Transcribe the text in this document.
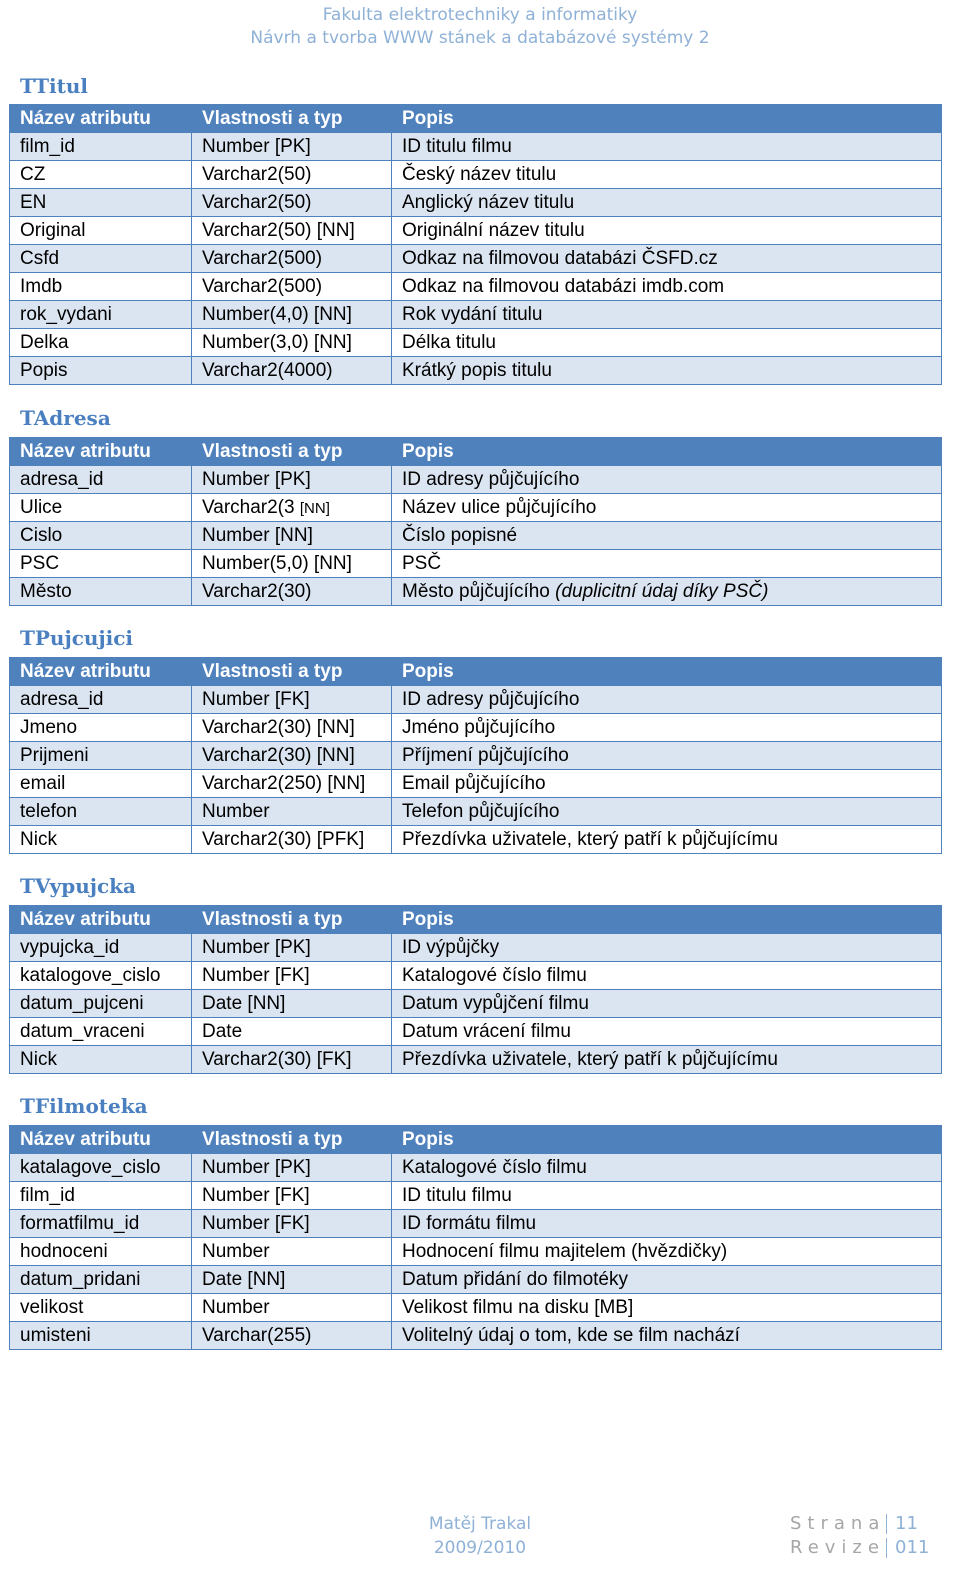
Fakulta elektrotechniky a informatiky
Návrh a tvorba WWW stánek a databázové systémy 2
TTitul
Název atributu	Vlastnosti a typ	Popis
film_id	Number [PK]	ID titulu filmu
CZ	Varchar2(50)	Český název titulu
EN	Varchar2(50)	Anglický název titulu
Original	Varchar2(50) [NN]	Originální název titulu
Csfd	Varchar2(500)	Odkaz na filmovou databázi ČSFD.cz
Imdb	Varchar2(500)	Odkaz na filmovou databázi imdb.com
rok_vydani	Number(4,0) [NN]	Rok vydání titulu
Delka	Number(3,0) [NN]	Délka titulu
Popis	Varchar2(4000)	Krátký popis titulu
TAdresa
Název atributu	Vlastnosti a typ	Popis
adresa_id	Number [PK]	ID adresy půjčujícího
Ulice	Varchar2(3 [NN]	Název ulice půjčujícího
Cislo	Number [NN]	Číslo popisné
PSC	Number(5,0) [NN]	PSČ
Město	Varchar2(30)	Město půjčujícího (duplicitní údaj díky PSČ)
TPujcujici
Název atributu	Vlastnosti a typ	Popis
adresa_id	Number [FK]	ID adresy půjčujícího
Jmeno	Varchar2(30) [NN]	Jméno půjčujícího
Prijmeni	Varchar2(30) [NN]	Příjmení půjčujícího
email	Varchar2(250) [NN]	Email půjčujícího
telefon	Number	Telefon půjčujícího
Nick	Varchar2(30) [PFK]	Přezdívka uživatele, který patří k půjčujícímu
TVypujcka
Název atributu	Vlastnosti a typ	Popis
vypujcka_id	Number [PK]	ID výpůjčky
katalogove_cislo	Number [FK]	Katalogové číslo filmu
datum_pujceni	Date [NN]	Datum vypůjčení filmu
datum_vraceni	Date	Datum vrácení filmu
Nick	Varchar2(30) [FK]	Přezdívka uživatele, který patří k půjčujícímu
TFilmoteka
Název atributu	Vlastnosti a typ	Popis
katalagove_cislo	Number [PK]	Katalogové číslo filmu
film_id	Number [FK]	ID titulu filmu
formatfilmu_id	Number [FK]	ID formátu filmu
hodnoceni	Number	Hodnocení filmu majitelem (hvězdičky)
datum_pridani	Date [NN]	Datum přidání do filmotéky
velikost	Number	Velikost filmu na disku [MB]
umisteni	Varchar(255)	Volitelný údaj o tom, kde se film nachází
Matěj Trakal
2009/2010
Strana 11
Revize 011
